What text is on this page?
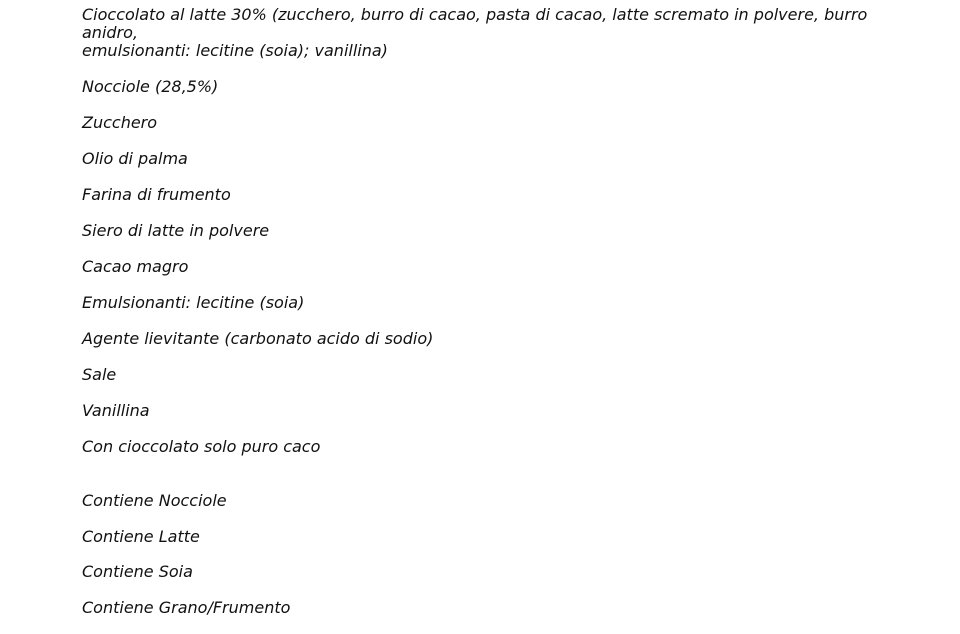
Cioccolato al latte 30% (zucchero, burro di cacao, pasta di cacao, latte scremato in polvere, burro anidro,
emulsionanti: lecitine (soia); vanillina)

Nocciole (28,5%)

Zucchero

Olio di palma

Farina di frumento

Siero di latte in polvere

Cacao magro

Emulsionanti: lecitine (soia)

Agente lievitante (carbonato acido di sodio)

Sale

Vanillina

Con cioccolato solo puro caco

Contiene Nocciole

Contiene Latte

Contiene Soia

Contiene Grano/Frumento
